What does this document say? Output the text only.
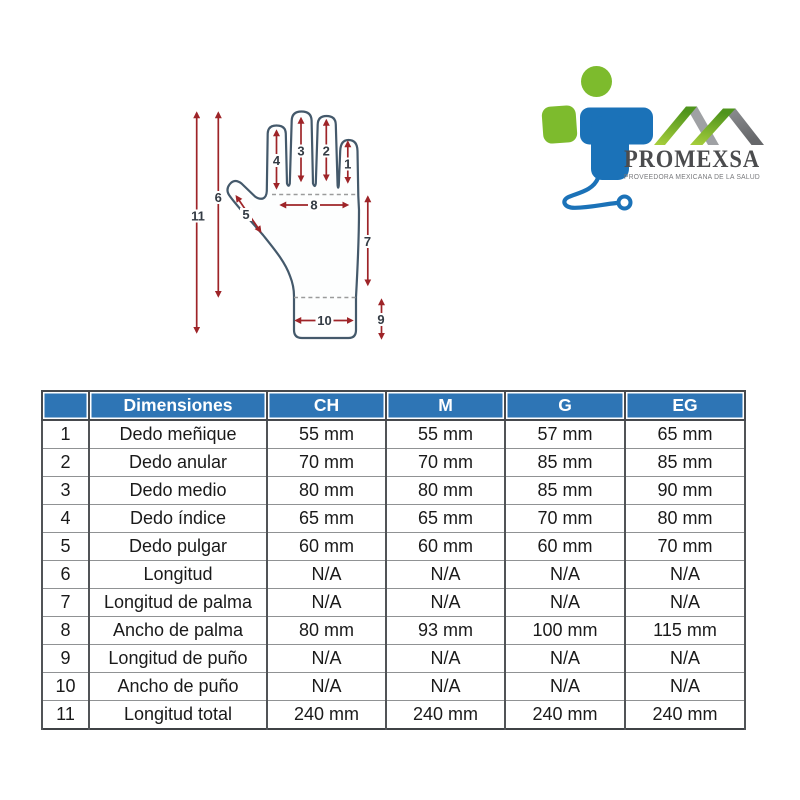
11
6
4
3 2
1
5
8
7
10	9
PROMEXSA
PROVEEDORA MEXICANA DE LA SALUD
	Dimensiones	CH	M	G	EG
1	Dedo meñique	55 mm	55 mm	57 mm	65 mm
2	Dedo anular	70 mm	70 mm	85 mm	85 mm
3	Dedo medio	80 mm	80 mm	85 mm	90 mm
4	Dedo índice	65 mm	65 mm	70 mm	80 mm
5	Dedo pulgar	60 mm	60 mm	60 mm	70 mm
6	Longitud	N/A	N/A	N/A	N/A
7	Longitud de palma	N/A	N/A	N/A	N/A
8	Ancho de palma	80 mm	93 mm	100 mm	115 mm
9	Longitud de puño	N/A	N/A	N/A	N/A
10	Ancho de puño	N/A	N/A	N/A	N/A
11	Longitud total	240 mm	240 mm	240 mm	240 mm
